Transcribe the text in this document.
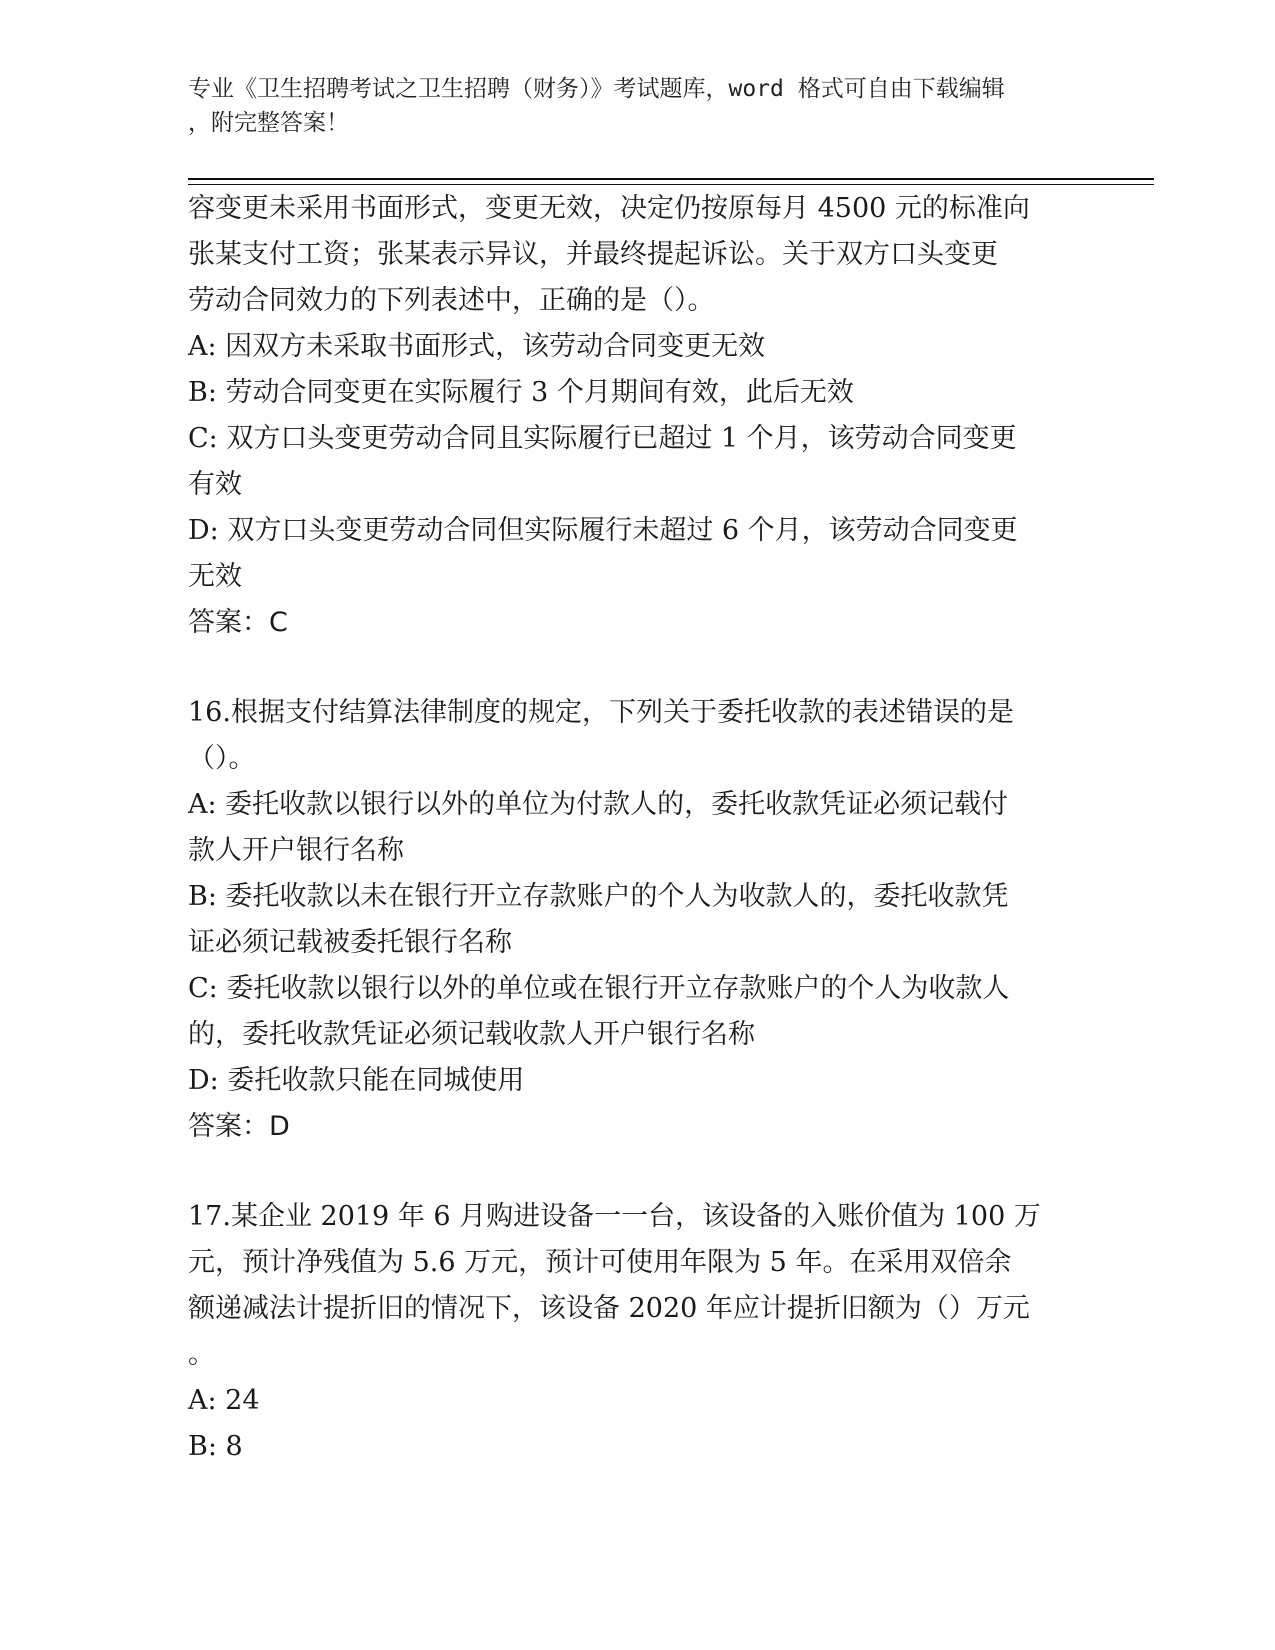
专业《卫生招聘考试之卫生招聘（财务）》考试题库，word 格式可自由下载编辑
，附完整答案！
容变更未采用书面形式，变更无效，决定仍按原每月 4500 元的标准向
张某支付工资；张某表示异议，并最终提起诉讼。关于双方口头变更
劳动合同效力的下列表述中，正确的是（）。
A: 因双方未采取书面形式，该劳动合同变更无效
B: 劳动合同变更在实际履行 3 个月期间有效，此后无效
C: 双方口头变更劳动合同且实际履行已超过 1 个月，该劳动合同变更
有效
D: 双方口头变更劳动合同但实际履行未超过 6 个月，该劳动合同变更
无效
答案：C
16.根据支付结算法律制度的规定，下列关于委托收款的表述错误的是
（）。
A: 委托收款以银行以外的单位为付款人的，委托收款凭证必须记载付
款人开户银行名称
B: 委托收款以未在银行开立存款账户的个人为收款人的，委托收款凭
证必须记载被委托银行名称
C: 委托收款以银行以外的单位或在银行开立存款账户的个人为收款人
的，委托收款凭证必须记载收款人开户银行名称
D: 委托收款只能在同城使用
答案：D
17.某企业 2019 年 6 月购进设备一一台，该设备的入账价值为 100 万
元，预计净残值为 5.6 万元，预计可使用年限为 5 年。在采用双倍余
额递减法计提折旧的情况下，该设备 2020 年应计提折旧额为（）万元
。
A: 24
B: 8
